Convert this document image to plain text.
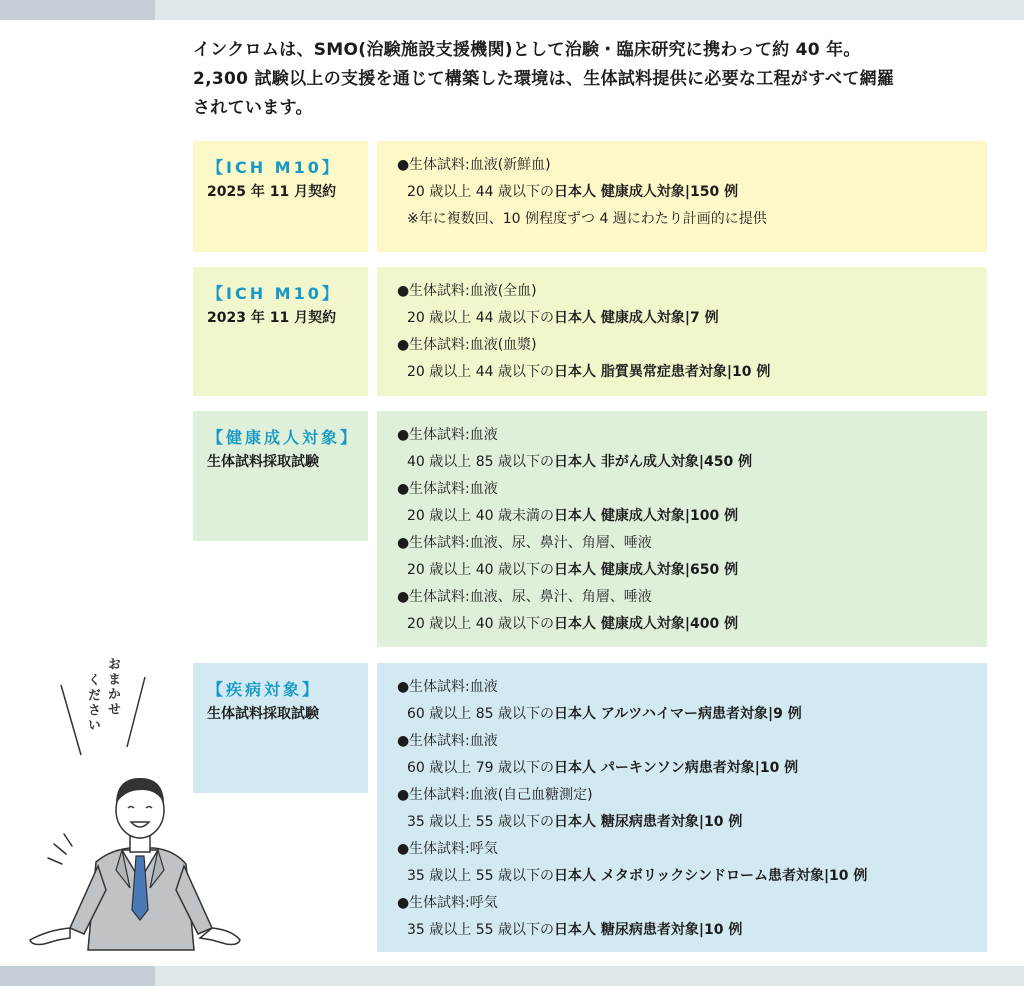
インクロムは、SMO(治験施設支援機関)として治験・臨床研究に携わって約 40 年。

2,300 試験以上の支援を通じて構築した環境は、生体試料提供に必要な工程がすべて網羅

されています。

【ICH M10】
2025 年 11 月契約
●生体試料:血液(新鮮血)
20 歳以上 44 歳以下の日本人 健康成人対象|150 例
※年に複数回、10 例程度ずつ 4 週にわたり計画的に提供
【ICH M10】
2023 年 11 月契約
●生体試料:血液(全血)
20 歳以上 44 歳以下の日本人 健康成人対象|7 例
●生体試料:血液(血漿)
20 歳以上 44 歳以下の日本人 脂質異常症患者対象|10 例
【健康成人対象】
生体試料採取試験
●生体試料:血液
40 歳以上 85 歳以下の日本人 非がん成人対象|450 例
●生体試料:血液
20 歳以上 40 歳未満の日本人 健康成人対象|100 例
●生体試料:血液、尿、鼻汁、角層、唾液
20 歳以上 40 歳以下の日本人 健康成人対象|650 例
●生体試料:血液、尿、鼻汁、角層、唾液
20 歳以上 40 歳以下の日本人 健康成人対象|400 例
【疾病対象】
生体試料採取試験
●生体試料:血液
60 歳以上 85 歳以下の日本人 アルツハイマー病患者対象|9 例
●生体試料:血液
60 歳以上 79 歳以下の日本人 パーキンソン病患者対象|10 例
●生体試料:血液(自己血糖測定)
35 歳以上 55 歳以下の日本人 糖尿病患者対象|10 例
●生体試料:呼気
35 歳以上 55 歳以下の日本人 メタボリックシンドローム患者対象|10 例
●生体試料:呼気
35 歳以上 55 歳以下の日本人 糖尿病患者対象|10 例
おまかせ
ください
